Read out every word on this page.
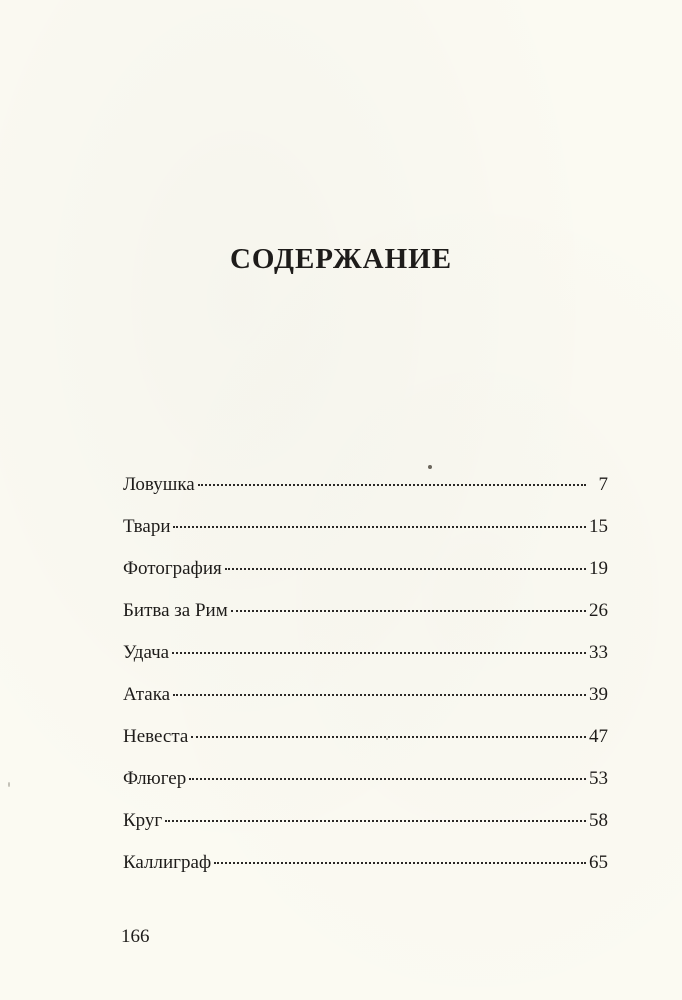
СОДЕРЖАНИЕ
Ловушка	7
Твари	15
Фотография	19
Битва за Рим	26
Удача	33
Атака	39
Невеста	47
Флюгер	53
Круг	58
Каллиграф	65
166
